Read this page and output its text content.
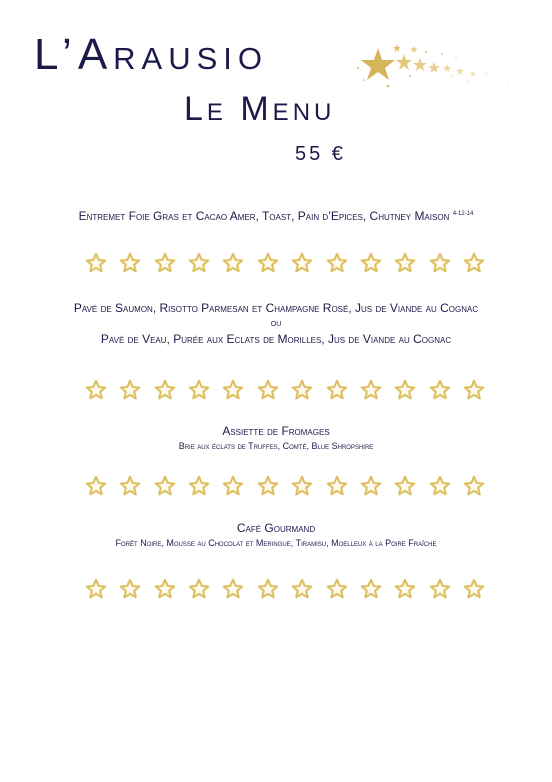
L’Arausio
Le Menu
55 €
Entremet Foie Gras et Cacao Amer, Toast, Pain d’Epices, Chutney Maison $^{4-12-14}$
Pavé de Saumon, Risotto Parmesan et Champagne Rosé, Jus de Viande au Cognac
ou
Pavé de Veau, Purée aux Eclats de Morilles, Jus de Viande au Cognac
Assiette de Fromages
Brie aux éclats de Truffes, Comté, Blue Shropshire
Café Gourmand
Forêt Noire, Mousse au Chocolat et Meringue, Tiramisu, Moelleux à la Poire Fraîche
